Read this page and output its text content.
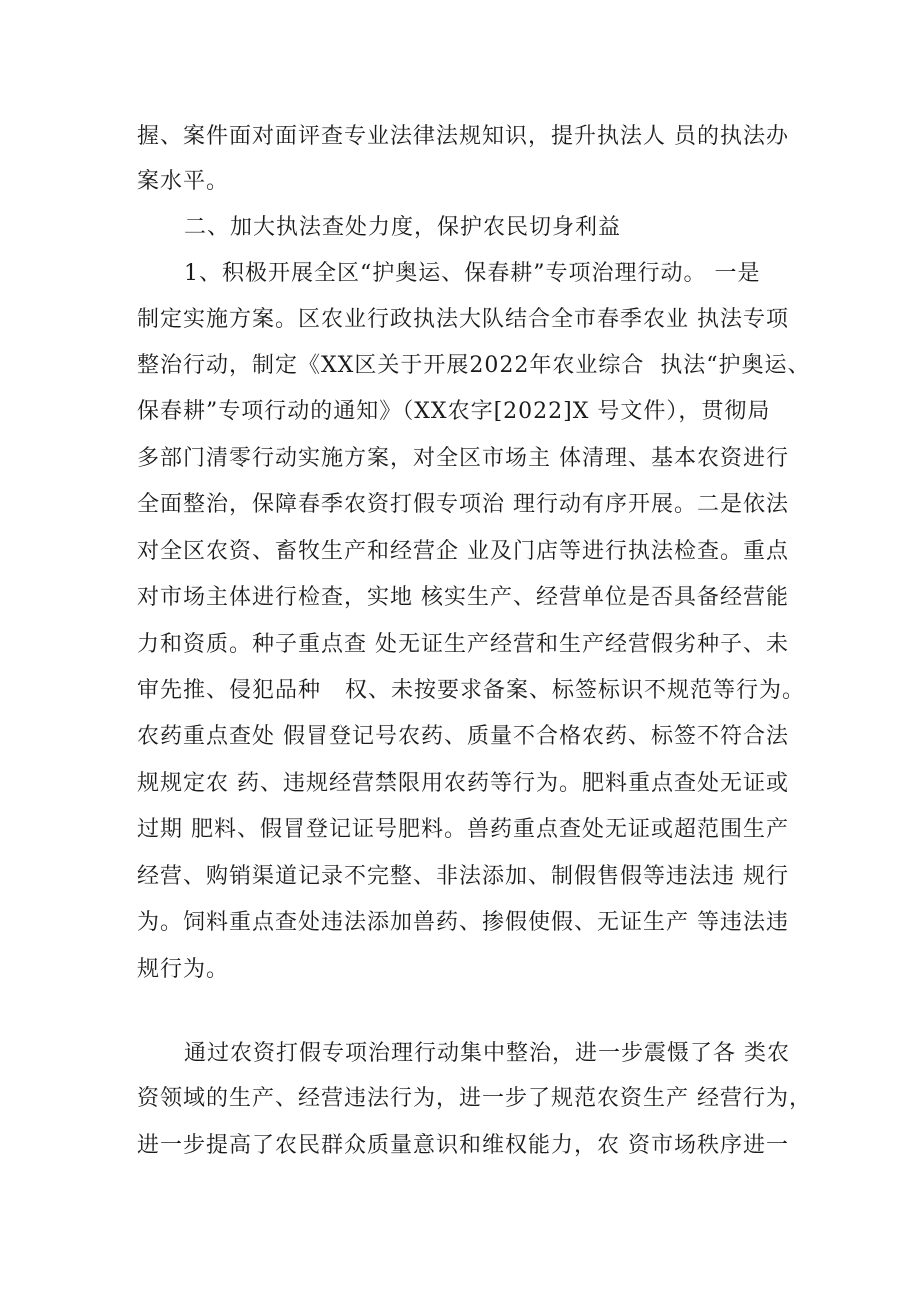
握、案件面对面评查专业法律法规知识，提升执法人 员的执法办
案水平。
二、加大执法查处力度，保护农民切身利益
1、积极开展全区“护奥运、保春耕”专项治理行动。 一是
制定实施方案。区农业行政执法大队结合全市春季农业 执法专项
整治行动，制定《XX区关于开展2022年农业综合  执法“护奥运、
保春耕”专项行动的通知》（XX农字[2022]X 号文件），贯彻局
多部门清零行动实施方案，对全区市场主 体清理、基本农资进行
全面整治，保障春季农资打假专项治 理行动有序开展。二是依法
对全区农资、畜牧生产和经营企 业及门店等进行执法检查。重点
对市场主体进行检查，实地 核实生产、经营单位是否具备经营能
力和资质。种子重点查 处无证生产经营和生产经营假劣种子、未
审先推、侵犯品种   权、未按要求备案、标签标识不规范等行为。
农药重点查处 假冒登记号农药、质量不合格农药、标签不符合法
规规定农 药、违规经营禁限用农药等行为。肥料重点查处无证或
过期 肥料、假冒登记证号肥料。兽药重点查处无证或超范围生产
经营、购销渠道记录不完整、非法添加、制假售假等违法违 规行
为。饲料重点查处违法添加兽药、掺假使假、无证生产 等违法违
规行为。
通过农资打假专项治理行动集中整治，进一步震慑了各 类农
资领域的生产、经营违法行为，进一步了规范农资生产 经营行为，
进一步提高了农民群众质量意识和维权能力，农 资市场秩序进一
